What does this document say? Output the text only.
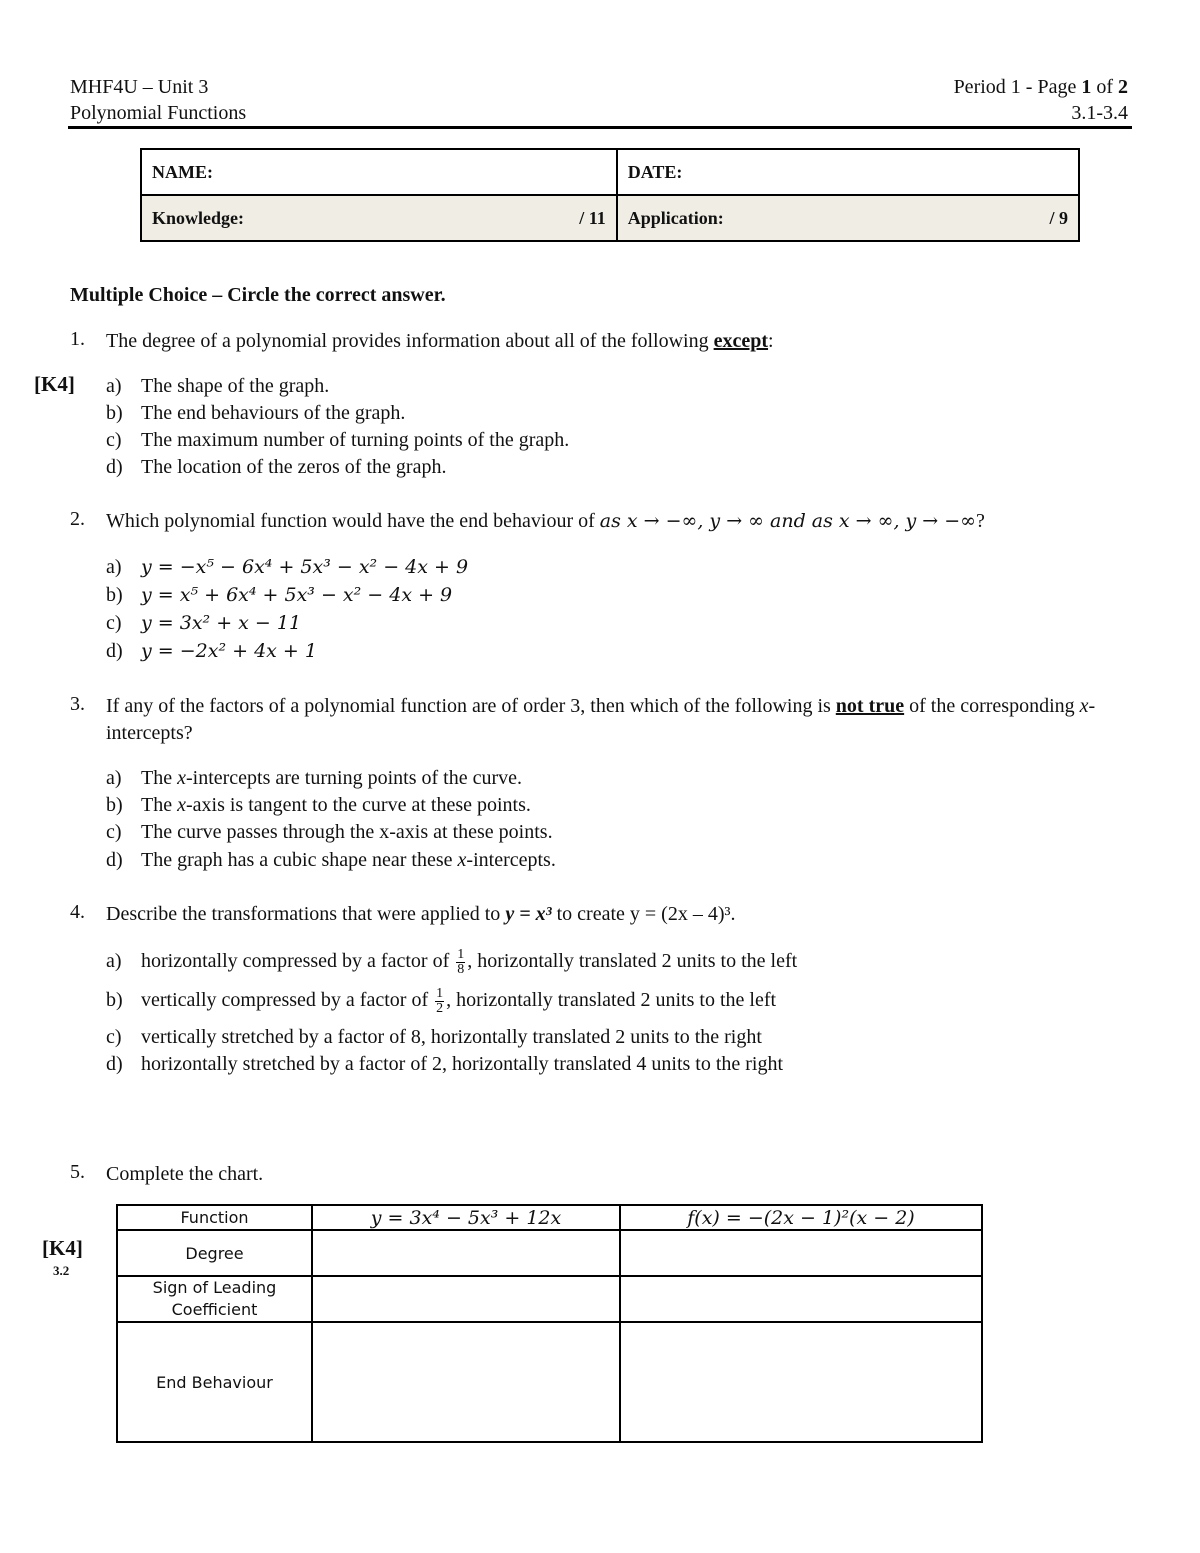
MHF4U – Unit 3
Polynomial Functions
Period 1 - Page 1 of 2
3.1-3.4
NAME:	DATE:
Knowledge: / 11	Application: / 9
Multiple Choice – Circle the correct answer.
1.	The degree of a polynomial provides information about all of the following except:
[K4] a) The shape of the graph.
b) The end behaviours of the graph.
c) The maximum number of turning points of the graph.
d) The location of the zeros of the graph.
2.	Which polynomial function would have the end behaviour of as x → −∞, y → ∞ and as x → ∞, y → −∞?
a) y = −x⁵ − 6x⁴ + 5x³ − x² − 4x + 9
b) y = x⁵ + 6x⁴ + 5x³ − x² − 4x + 9
c) y = 3x² + x − 11
d) y = −2x² + 4x + 1
3.	If any of the factors of a polynomial function are of order 3, then which of the following is not true of the corresponding x-intercepts?
a) The x-intercepts are turning points of the curve.
b) The x-axis is tangent to the curve at these points.
c) The curve passes through the x-axis at these points.
d) The graph has a cubic shape near these x-intercepts.
4.	Describe the transformations that were applied to y = x³ to create y = (2x – 4)³.
a) horizontally compressed by a factor of $\frac{1}{8}$ , horizontally translated 2 units to the left
b) vertically compressed by a factor of $\frac{1}{2}$ , horizontally translated 2 units to the left
c) vertically stretched by a factor of 8, horizontally translated 2 units to the right
d) horizontally stretched by a factor of 2, horizontally translated 4 units to the right
5.	Complete the chart.
[K4]
3.2
Function	y = 3x⁴ − 5x³ + 12x	f(x) = −(2x − 1)²(x − 2)
Degree		
Sign of Leading Coefficient		
End Behaviour		
